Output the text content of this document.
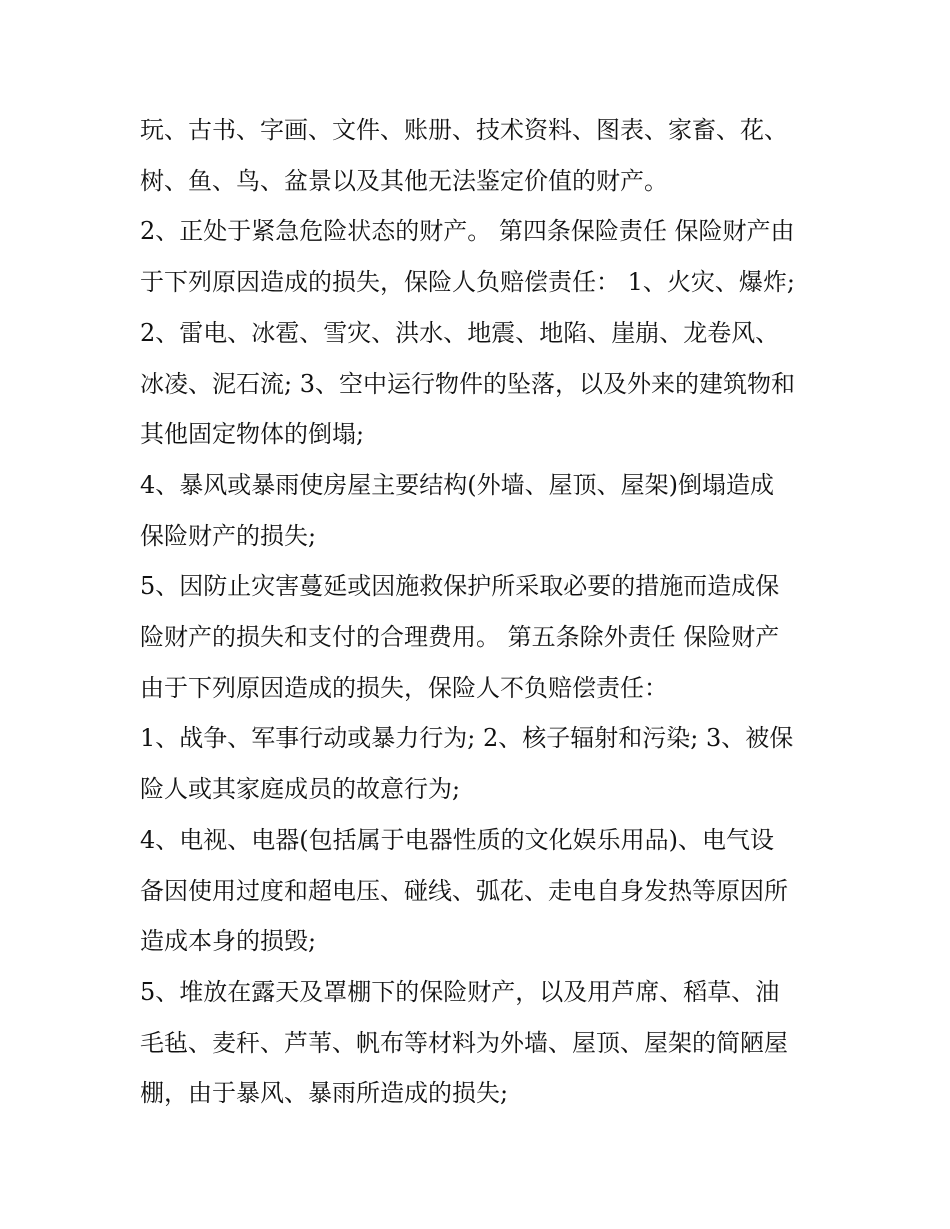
玩、古书、字画、文件、账册、技术资料、图表、家畜、花、
树、鱼、鸟、盆景以及其他无法鉴定价值的财产。

2、正处于紧急危险状态的财产。 第四条保险责任 保险财产由
于下列原因造成的损失，保险人负赔偿责任： 1、火灾、爆炸;

2、雷电、冰雹、雪灾、洪水、地震、地陷、崖崩、龙卷风、
冰凌、泥石流; 3、空中运行物件的坠落，以及外来的建筑物和
其他固定物体的倒塌;

4、暴风或暴雨使房屋主要结构(外墙、屋顶、屋架)倒塌造成
保险财产的损失;

5、因防止灾害蔓延或因施救保护所采取必要的措施而造成保
险财产的损失和支付的合理费用。 第五条除外责任 保险财产
由于下列原因造成的损失，保险人不负赔偿责任：

1、战争、军事行动或暴力行为; 2、核子辐射和污染; 3、被保
险人或其家庭成员的故意行为;

4、电视、电器(包括属于电器性质的文化娱乐用品)、电气设
备因使用过度和超电压、碰线、弧花、走电自身发热等原因所
造成本身的损毁;

5、堆放在露天及罩棚下的保险财产，以及用芦席、稻草、油
毛毡、麦秆、芦苇、帆布等材料为外墙、屋顶、屋架的简陋屋
棚，由于暴风、暴雨所造成的损失;
